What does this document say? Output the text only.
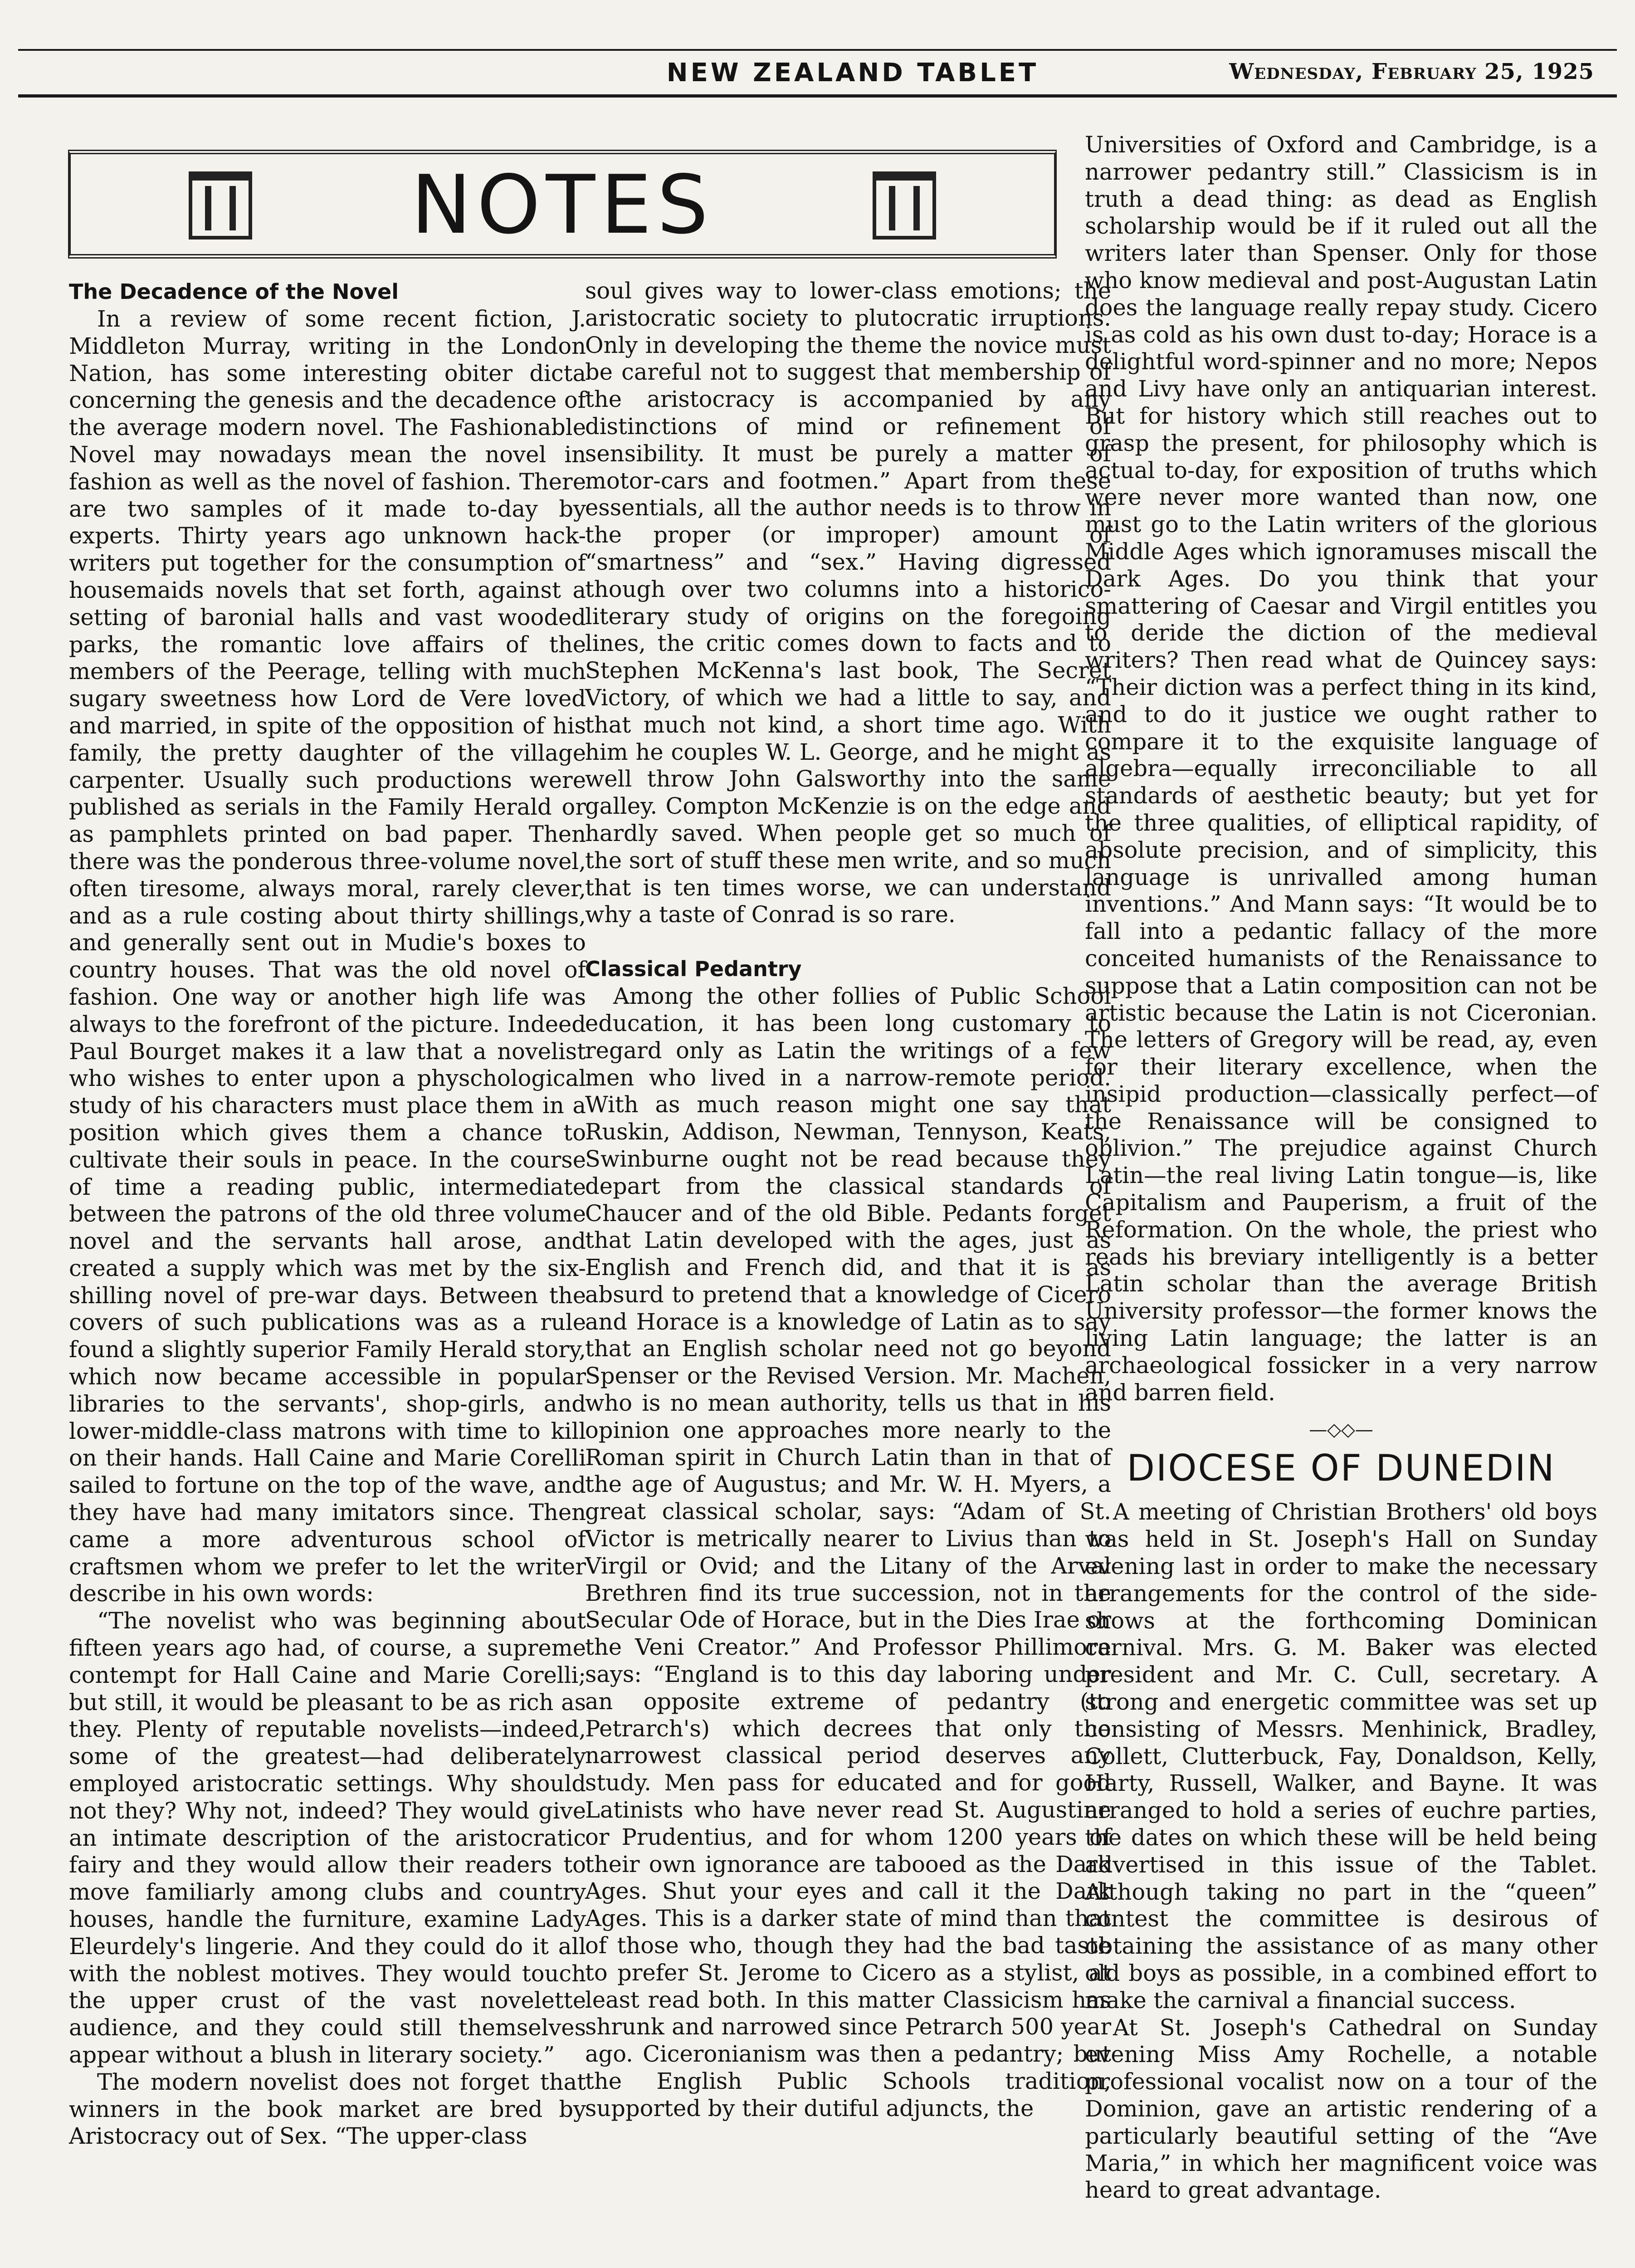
NEW ZEALAND TABLET	Wednesday, February 25, 1925
NOTES
The Decadence of the Novel

In a review of some recent fiction, J. Middleton Murray, writing in the London Nation, has some interesting obiter dicta concerning the genesis and the decadence of the average modern novel. The Fashionable Novel may nowadays mean the novel in fashion as well as the novel of fashion. There are two samples of it made to-day by experts. Thirty years ago unknown hack-writers put together for the consumption of housemaids novels that set forth, against a setting of baronial halls and vast wooded parks, the romantic love affairs of the members of the Peerage, telling with much sugary sweetness how Lord de Vere loved and married, in spite of the opposition of his family, the pretty daughter of the village carpenter. Usually such productions were published as serials in the Family Herald or as pamphlets printed on bad paper. Then there was the ponderous three-volume novel, often tiresome, always moral, rarely clever, and as a rule costing about thirty shillings, and generally sent out in Mudie's boxes to country houses. That was the old novel of fashion. One way or another high life was always to the forefront of the picture. Indeed Paul Bourget makes it a law that a novelist who wishes to enter upon a physchological study of his characters must place them in a position which gives them a chance to cultivate their souls in peace. In the course of time a reading public, intermediate between the patrons of the old three volume novel and the servants hall arose, and created a supply which was met by the six-shilling novel of pre-war days. Between the covers of such publications was as a rule found a slightly superior Family Herald story, which now became accessible in popular libraries to the servants', shop-girls, and lower-middle-class matrons with time to kill on their hands. Hall Caine and Marie Corelli sailed to fortune on the top of the wave, and they have had many imitators since. Then came a more adventurous school of craftsmen whom we prefer to let the writer describe in his own words:

“The novelist who was beginning about fifteen years ago had, of course, a supreme contempt for Hall Caine and Marie Corelli; but still, it would be pleasant to be as rich as they. Plenty of reputable novelists—indeed, some of the greatest—had deliberately employed aristocratic settings. Why should not they? Why not, indeed? They would give an intimate description of the aristocratic fairy and they would allow their readers to move familiarly among clubs and country houses, handle the furniture, examine Lady Eleurdely's lingerie. And they could do it all with the noblest motives. They would touch the upper crust of the vast novelette audience, and they could still themselves appear without a blush in literary society.”

The modern novelist does not forget that winners in the book market are bred by Aristocracy out of Sex. “The upper-class

soul gives way to lower-class emotions; the aristocratic society to plutocratic irruptions. Only in developing the theme the novice must be careful not to suggest that membership of the aristocracy is accompanied by any distinctions of mind or refinement of sensibility. It must be purely a matter of motor-cars and footmen.” Apart from these essentials, all the author needs is to throw in the proper (or improper) amount of “smartness” and “sex.” Having digressed though over two columns into a historico-literary study of origins on the foregoing lines, the critic comes down to facts and to Stephen McKenna's last book, The Secret Victory, of which we had a little to say, and that much not kind, a short time ago. With him he couples W. L. George, and he might as well throw John Galsworthy into the same galley. Compton McKenzie is on the edge and hardly saved. When people get so much of the sort of stuff these men write, and so much that is ten times worse, we can understand why a taste of Conrad is so rare.

Classical Pedantry

Among the other follies of Public School education, it has been long customary to regard only as Latin the writings of a few men who lived in a narrow-remote period. With as much reason might one say that Ruskin, Addison, Newman, Tennyson, Keats, Swinburne ought not be read because they depart from the classical standards of Chaucer and of the old Bible. Pedants forget that Latin developed with the ages, just as English and French did, and that it is as absurd to pretend that a knowledge of Cicero and Horace is a knowledge of Latin as to say that an English scholar need not go beyond Spenser or the Revised Version. Mr. Machen, who is no mean authority, tells us that in his opinion one approaches more nearly to the Roman spirit in Church Latin than in that of the age of Augustus; and Mr. W. H. Myers, a great classical scholar, says: “Adam of St. Victor is metrically nearer to Livius than to Virgil or Ovid; and the Litany of the Arval Brethren find its true succession, not in the Secular Ode of Horace, but in the Dies Irae or the Veni Creator.” And Professor Phillimore says: “England is to this day laboring under an opposite extreme of pedantry (to Petrarch's) which decrees that only the narrowest classical period deserves any study. Men pass for educated and for good Latinists who have never read St. Augustine or Prudentius, and for whom 1200 years of their own ignorance are tabooed as the Dark Ages. Shut your eyes and call it the Dark Ages. This is a darker state of mind than that of those who, though they had the bad taste to prefer St. Jerome to Cicero as a stylist, at least read both. In this matter Classicism has shrunk and narrowed since Petrarch 500 year ago. Ciceronianism was then a pedantry; but the English Public Schools tradition, supported by their dutiful adjuncts, the

Universities of Oxford and Cambridge, is a narrower pedantry still.” Classicism is in truth a dead thing: as dead as English scholarship would be if it ruled out all the writers later than Spenser. Only for those who know medieval and post-Augustan Latin does the language really repay study. Cicero is as cold as his own dust to-day; Horace is a delightful word-spinner and no more; Nepos and Livy have only an antiquarian interest. But for history which still reaches out to grasp the present, for philosophy which is actual to-day, for exposition of truths which were never more wanted than now, one must go to the Latin writers of the glorious Middle Ages which ignoramuses miscall the Dark Ages. Do you think that your smattering of Caesar and Virgil entitles you to deride the diction of the medieval writers? Then read what de Quincey says: “Their diction was a perfect thing in its kind, and to do it justice we ought rather to compare it to the exquisite language of algebra—equally irreconciliable to all standards of aesthetic beauty; but yet for the three qualities, of elliptical rapidity, of absolute precision, and of simplicity, this language is unrivalled among human inventions.” And Mann says: “It would be to fall into a pedantic fallacy of the more conceited humanists of the Renaissance to suppose that a Latin composition can not be artistic because the Latin is not Ciceronian. The letters of Gregory will be read, ay, even for their literary excellence, when the insipid production—classically perfect—of the Renaissance will be consigned to oblivion.” The prejudice against Church Latin—the real living Latin tongue—is, like Capitalism and Pauperism, a fruit of the Reformation. On the whole, the priest who reads his breviary intelligently is a better Latin scholar than the average British University professor—the former knows the living Latin language; the latter is an archaeological fossicker in a very narrow and barren field.

—◇◇—
DIOCESE OF DUNEDIN

A meeting of Christian Brothers' old boys was held in St. Joseph's Hall on Sunday evening last in order to make the necessary arrangements for the control of the side-shows at the forthcoming Dominican carnival. Mrs. G. M. Baker was elected president and Mr. C. Cull, secretary. A strong and energetic committee was set up consisting of Messrs. Menhinick, Bradley, Collett, Clutterbuck, Fay, Donaldson, Kelly, Harty, Russell, Walker, and Bayne. It was arranged to hold a series of euchre parties, the dates on which these will be held being advertised in this issue of the Tablet. Although taking no part in the “queen” contest the committee is desirous of obtaining the assistance of as many other old boys as possible, in a combined effort to make the carnival a financial success.

At St. Joseph's Cathedral on Sunday evening Miss Amy Rochelle, a notable professional vocalist now on a tour of the Dominion, gave an artistic rendering of a particularly beautiful setting of the “Ave Maria,” in which her magnificent voice was heard to great advantage.
